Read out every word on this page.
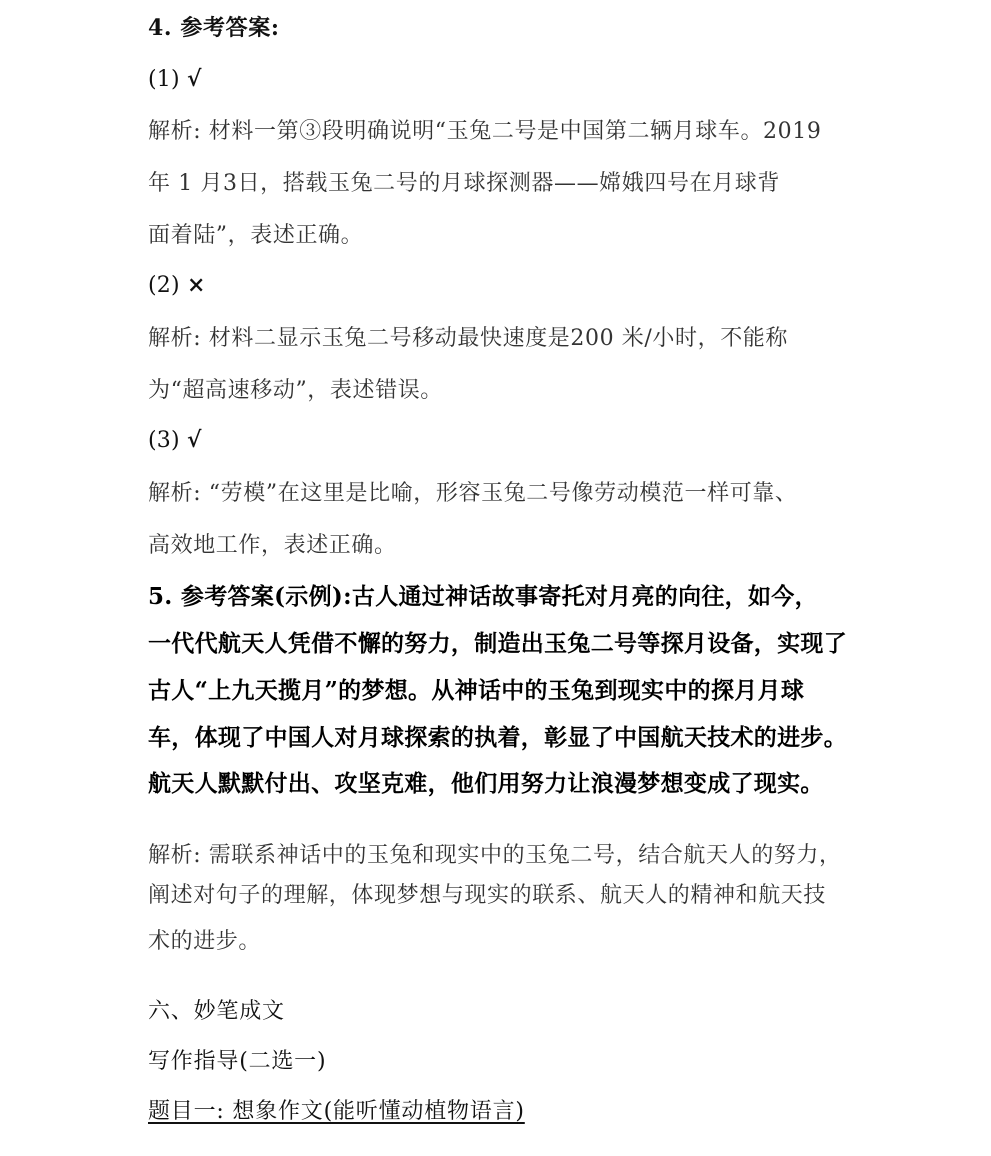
4. 参考答案:
(1) √
解析: 材料一第③段明确说明“玉兔二号是中国第二辆月球车。2019
年 1 月3日，搭载玉兔二号的月球探测器——嫦娥四号在月球背
面着陆”，表述正确。
(2) ×
解析: 材料二显示玉兔二号移动最快速度是200 米/小时，不能称
为“超高速移动”，表述错误。
(3) √
解析: “劳模”在这里是比喻，形容玉兔二号像劳动模范一样可靠、
高效地工作，表述正确。
5. 参考答案(示例):古人通过神话故事寄托对月亮的向往，如今，
一代代航天人凭借不懈的努力，制造出玉兔二号等探月设备，实现了
古人“上九天揽月”的梦想。从神话中的玉兔到现实中的探月月球
车，体现了中国人对月球探索的执着，彰显了中国航天技术的进步。
航天人默默付出、攻坚克难，他们用努力让浪漫梦想变成了现实。
解析: 需联系神话中的玉兔和现实中的玉兔二号，结合航天人的努力，
阐述对句子的理解，体现梦想与现实的联系、航天人的精神和航天技
术的进步。
六、妙笔成文
写作指导(二选一)
题目一: 想象作文(能听懂动植物语言)
